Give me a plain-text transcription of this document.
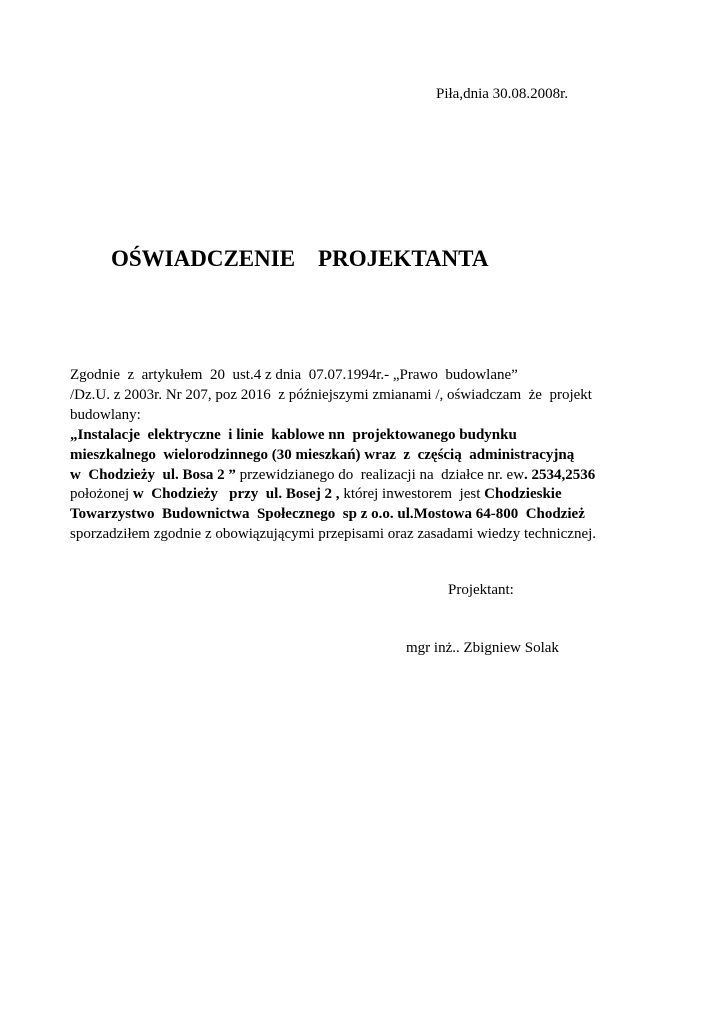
Piła,dnia 30.08.2008r.
OŚWIADCZENIE    PROJEKTANTA
Zgodnie  z  artykułem  20  ust.4 z dnia  07.07.1994r.- „Prawo  budowlane”
/Dz.U. z 2003r. Nr 207, poz 2016  z późniejszymi zmianami /, oświadczam  że  projekt
budowlany:
„Instalacje  elektryczne  i linie  kablowe nn  projektowanego budynku
mieszkalnego  wielorodzinnego (30 mieszkań) wraz  z  częścią  administracyjną
w  Chodzieży  ul. Bosa 2 ” przewidzianego do  realizacji na  działce nr. ew. 2534,2536
położonej w  Chodzieży   przy  ul. Bosej 2 , której inwestorem  jest Chodzieskie
Towarzystwo  Budownictwa  Społecznego  sp z o.o. ul.Mostowa 64-800  Chodzież
sporzadziłem zgodnie z obowiązującymi przepisami oraz zasadami wiedzy technicznej.
Projektant:
mgr inż.. Zbigniew Solak
